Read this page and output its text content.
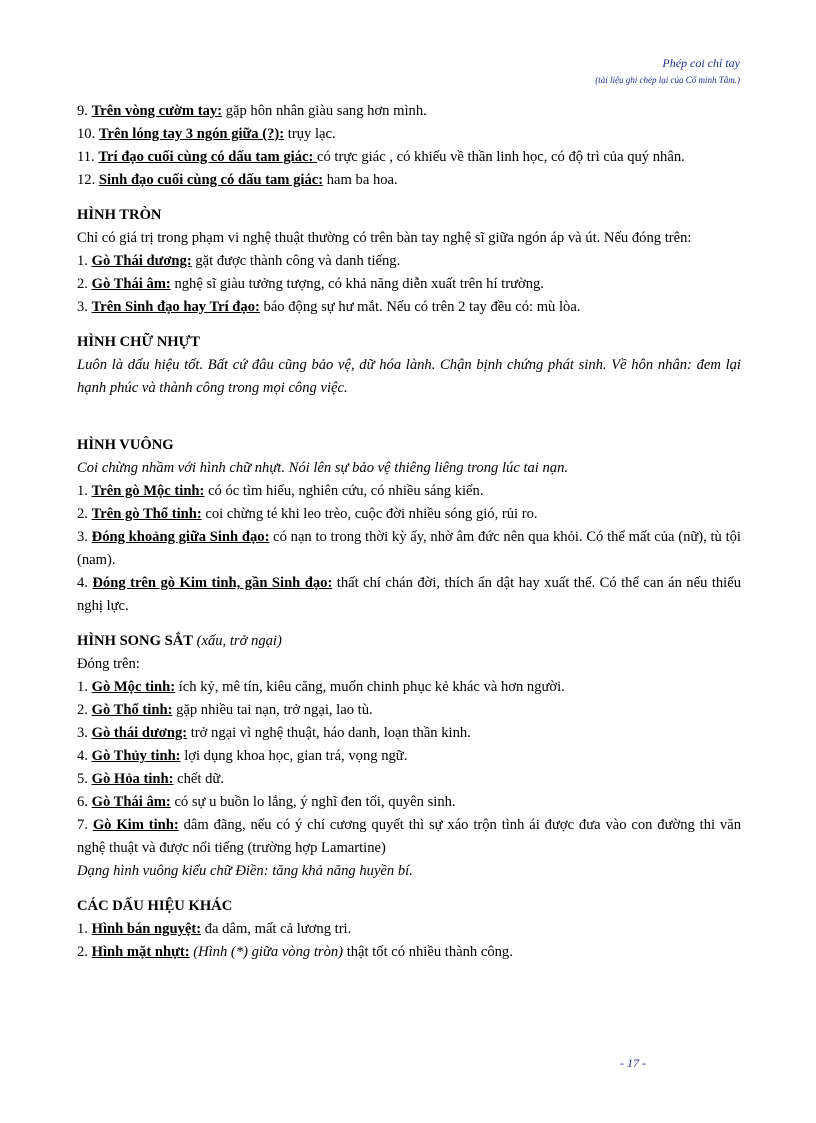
Phép coi chỉ tay
(tài liệu ghi chép lại của Cổ minh Tâm.)

9. Trên vòng cườm tay: gặp hôn nhân giàu sang hơn mình.

10. Trên lóng tay 3 ngón giữa (?): trụy lạc.

11. Trí đạo cuối cùng có dấu tam giác: có trực giác , có khiếu về thần linh học, có độ trì của quý nhân.

12. Sinh đạo cuối cùng có dấu tam giác: ham ba hoa.

HÌNH TRÒN

Chỉ có giá trị trong phạm vi nghệ thuật thường có trên bàn tay nghệ sĩ giữa ngón áp và út. Nếu đóng trên:

1. Gò Thái dương: gặt được thành công và danh tiếng.

2. Gò Thái âm: nghệ sĩ giàu tưởng tượng, có khả năng diễn xuất trên hí trường.

3. Trên Sinh đạo hay Trí đạo: báo động sự hư mắt. Nếu có trên 2 tay đều có: mù lòa.

HÌNH CHỮ NHỰT

Luôn là dấu hiệu tốt. Bất cứ đâu cũng bảo vệ, dữ hóa lành. Chận bịnh chứng phát sinh. Về hôn nhân: đem lại hạnh phúc và thành công trong mọi công việc.

HÌNH VUÔNG

Coi chừng nhầm với hình chữ nhựt. Nói lên sự bảo vệ thiêng liêng trong lúc tai nạn.

1. Trên gò Mộc tinh: có óc tìm hiểu, nghiên cứu, có nhiều sáng kiến.

2. Trên gò Thổ tinh: coi chừng té khi leo trèo, cuộc đời nhiều sóng gió, rủi ro.

3. Đóng khoảng giữa Sinh đạo: có nạn to trong thời kỳ ấy, nhờ âm đức nên qua khỏi. Có thể mất của (nữ), tù tội (nam).

4. Đóng trên gò Kim tinh, gần Sinh đạo: thất chí chán đời, thích ẩn dật hay xuất thế. Có thể can án nếu thiếu nghị lực.

HÌNH SONG SẮT (xấu, trở ngại)

Đóng trên:

1. Gò Mộc tinh: ích kỷ, mê tín, kiêu căng, muốn chinh phục kẻ khác và hơn người.

2. Gò Thổ tinh: gặp nhiều tai nạn, trở ngại, lao tù.

3. Gò thái dương: trở ngại vì nghệ thuật, háo danh, loạn thần kinh.

4. Gò Thủy tinh: lợi dụng khoa học, gian trá, vọng ngữ.

5. Gò Hỏa tinh: chết dữ.

6. Gò Thái âm: có sự u buồn lo lắng, ý nghĩ đen tối, quyên sinh.

7. Gò Kim tinh: dâm đãng, nếu có ý chí cương quyết thì sự xáo trộn tình ái được đưa vào con đường thi văn nghệ thuật và được nổi tiếng (trường hợp Lamartine)

Dạng hình vuông kiểu chữ Điền: tăng khả năng huyền bí.

CÁC DẤU HIỆU KHÁC

1. Hình bán nguyệt: đa dâm, mất cả lương tri.

2. Hình mặt nhựt: (Hình (*) giữa vòng tròn) thật tốt có nhiều thành công.

- 17 -
